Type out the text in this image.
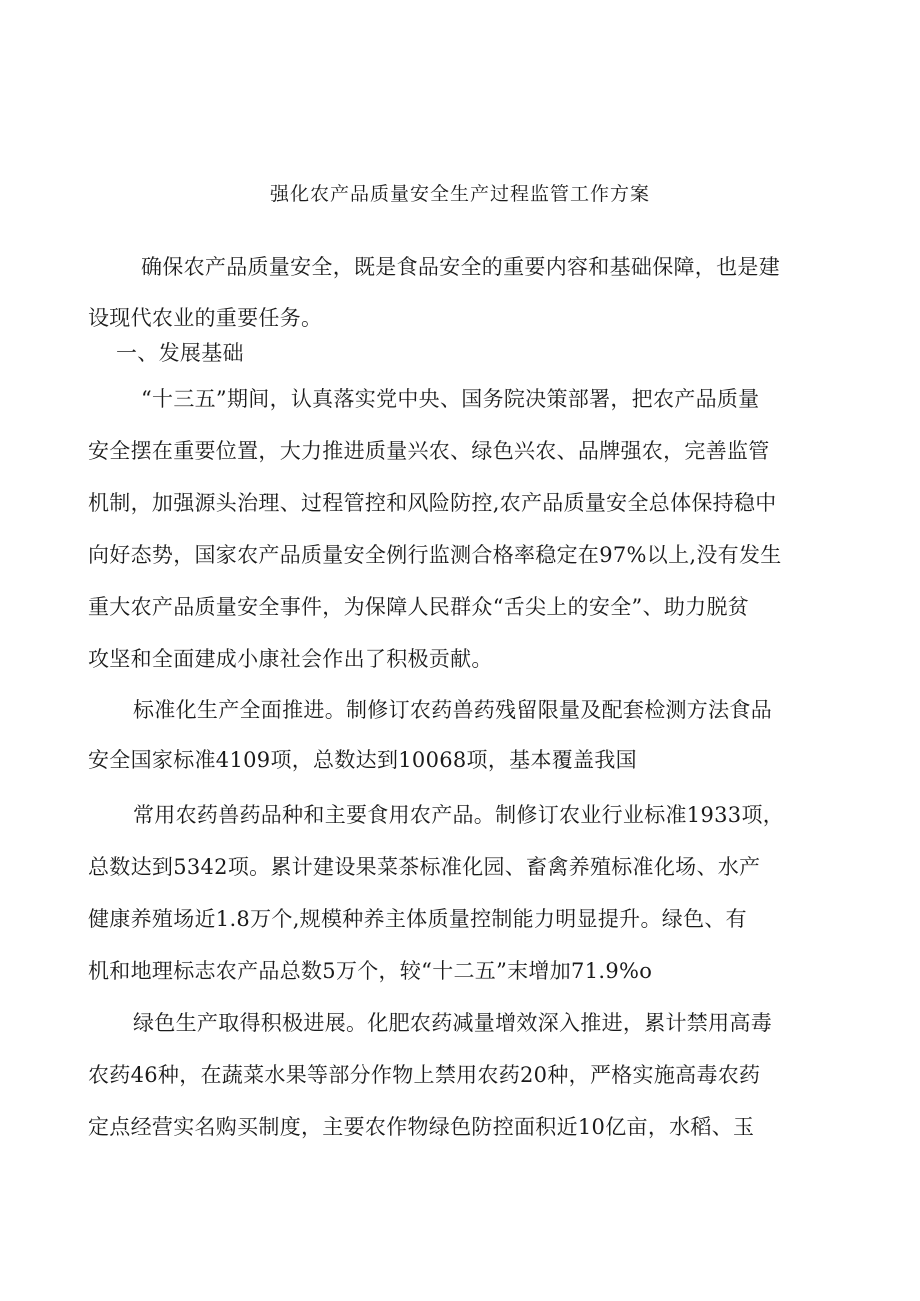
强化农产品质量安全生产过程监管工作方案
确保农产品质量安全，既是食品安全的重要内容和基础保障，也是建
设现代农业的重要任务。
一、发展基础
“十三五”期间，认真落实党中央、国务院决策部署，把农产品质量
安全摆在重要位置，大力推进质量兴农、绿色兴农、品牌强农，完善监管
机制，加强源头治理、过程管控和风险防控,农产品质量安全总体保持稳中
向好态势，国家农产品质量安全例行监测合格率稳定在97%以上,没有发生
重大农产品质量安全事件，为保障人民群众“舌尖上的安全”、助力脱贫
攻坚和全面建成小康社会作出了积极贡献。
标准化生产全面推进。制修订农药兽药残留限量及配套检测方法食品
安全国家标准4109项，总数达到10068项，基本覆盖我国
常用农药兽药品种和主要食用农产品。制修订农业行业标准1933项，
总数达到5342项。累计建设果菜茶标准化园、畜禽养殖标准化场、水产
健康养殖场近1.8万个,规模种养主体质量控制能力明显提升。绿色、有
机和地理标志农产品总数5万个，较“十二五”末增加71.9%o
绿色生产取得积极进展。化肥农药减量增效深入推进，累计禁用高毒
农药46种，在蔬菜水果等部分作物上禁用农药20种，严格实施高毒农药
定点经营实名购买制度，主要农作物绿色防控面积近10亿亩，水稻、玉
